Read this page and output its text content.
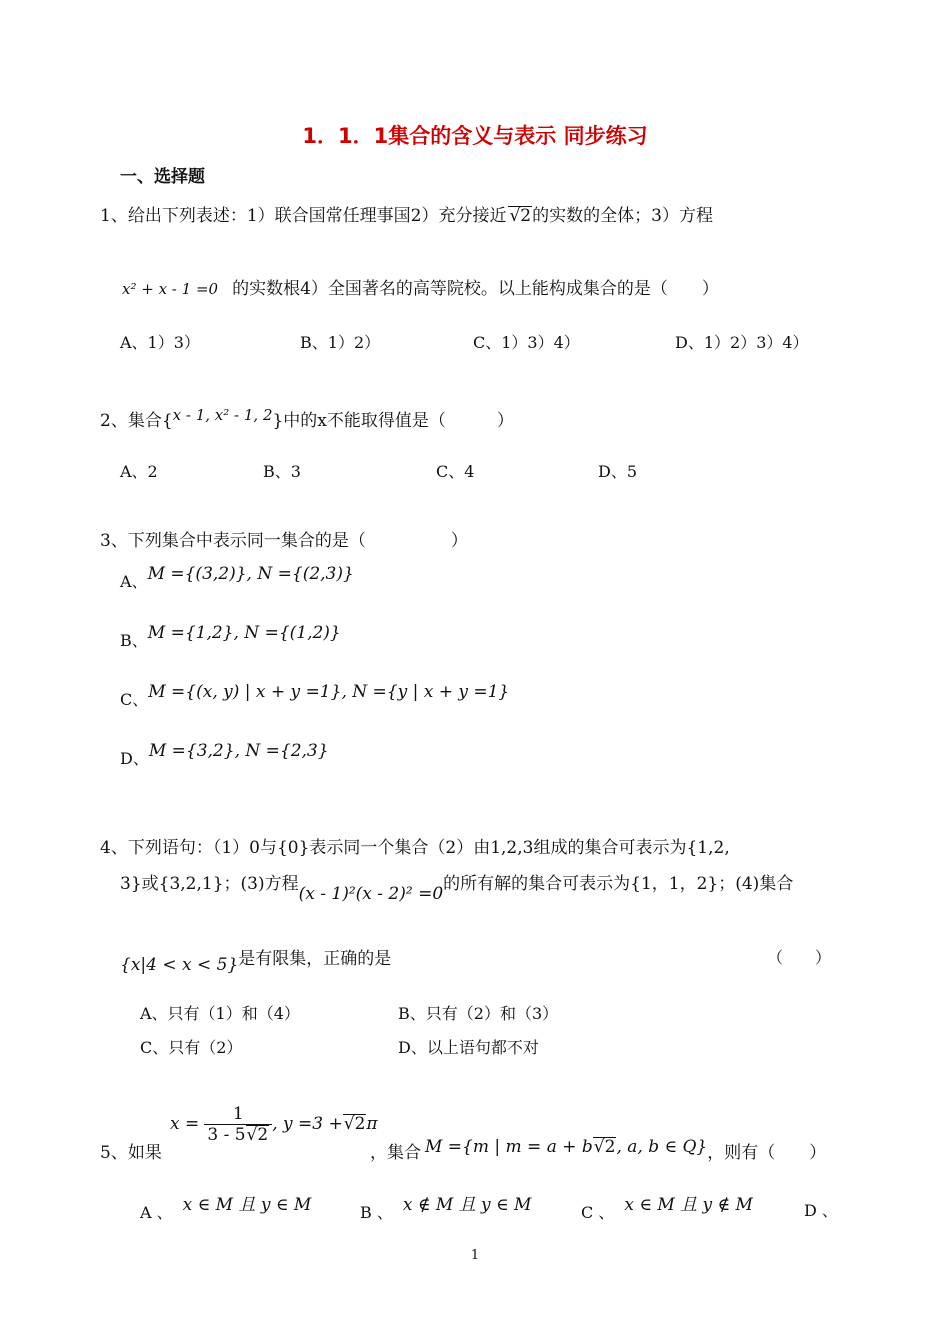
1．1．1集合的含义与表示 同步练习
一、选择题
1、给出下列表述：1）联合国常任理事国2）充分接近 √2的实数的全体；3）方程
x² + x - 1 =0 的实数根4）全国著名的高等院校。以上能构成集合的是（　　）
A、1）3）	B、1）2）	C、1）3）4）	D、1）2）3）4）
2、集合{x - 1, x² - 1, 2}中的x不能取得值是（　　　）
A、2	B、3	C、4	D、5
3、下列集合中表示同一集合的是（　　　　　）
A、M ={(3,2)}, N ={(2,3)}
B、M ={1,2}, N ={(1,2)}
C、M ={(x, y) | x + y =1}, N ={y | x + y =1}
D、M ={3,2}, N ={2,3}
4、下列语句：（1）0与{0}表示同一个集合（2）由1,2,3组成的集合可表示为{1,2,
3}或{3,2,1}；(3)方程(x - 1)²(x - 2)² =0的所有解的集合可表示为{1，1，2}；(4)集合
{x|4 < x < 5}是有限集，正确的是	（　　）
A、只有（1）和（4）	B、只有（2）和（3）
C、只有（2）	D、以上语句都不对
5、如果
$x = \frac{1}{3 - 5√2}$ , y =3 +√2π
，集合 M ={m | m = a + b√2, a, b ∈ Q}，则有（　　）
A 、 x ∈ M 且 y ∈ M	B 、 x ∉ M 且 y ∈ M	C 、 x ∈ M 且 y ∉ M	D 、
1
